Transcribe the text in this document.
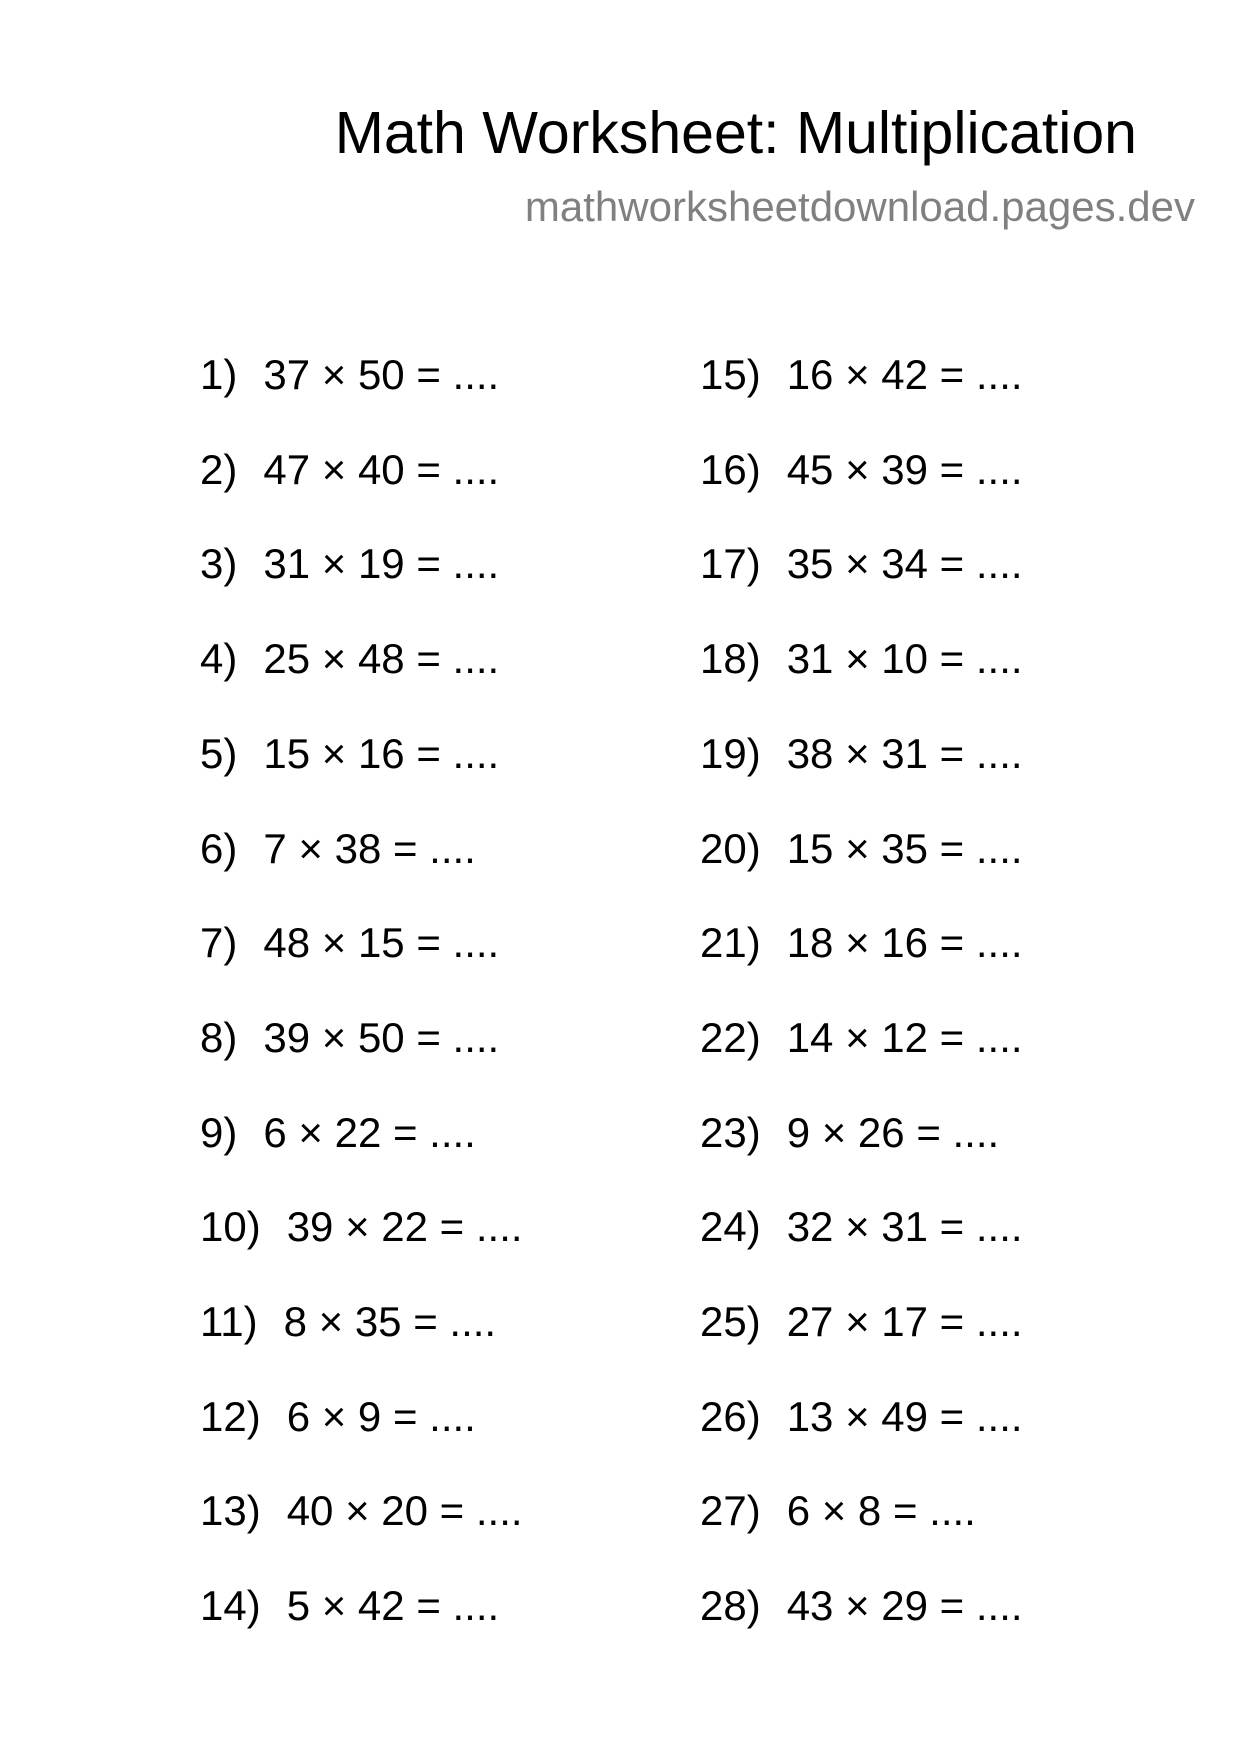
Math Worksheet: Multiplication
mathworksheetdownload.pages.dev
1) 37 × 50 = ....
2) 47 × 40 = ....
3) 31 × 19 = ....
4) 25 × 48 = ....
5) 15 × 16 = ....
6) 7 × 38 = ....
7) 48 × 15 = ....
8) 39 × 50 = ....
9) 6 × 22 = ....
10) 39 × 22 = ....
11) 8 × 35 = ....
12) 6 × 9 = ....
13) 40 × 20 = ....
14) 5 × 42 = ....
15) 16 × 42 = ....
16) 45 × 39 = ....
17) 35 × 34 = ....
18) 31 × 10 = ....
19) 38 × 31 = ....
20) 15 × 35 = ....
21) 18 × 16 = ....
22) 14 × 12 = ....
23) 9 × 26 = ....
24) 32 × 31 = ....
25) 27 × 17 = ....
26) 13 × 49 = ....
27) 6 × 8 = ....
28) 43 × 29 = ....
